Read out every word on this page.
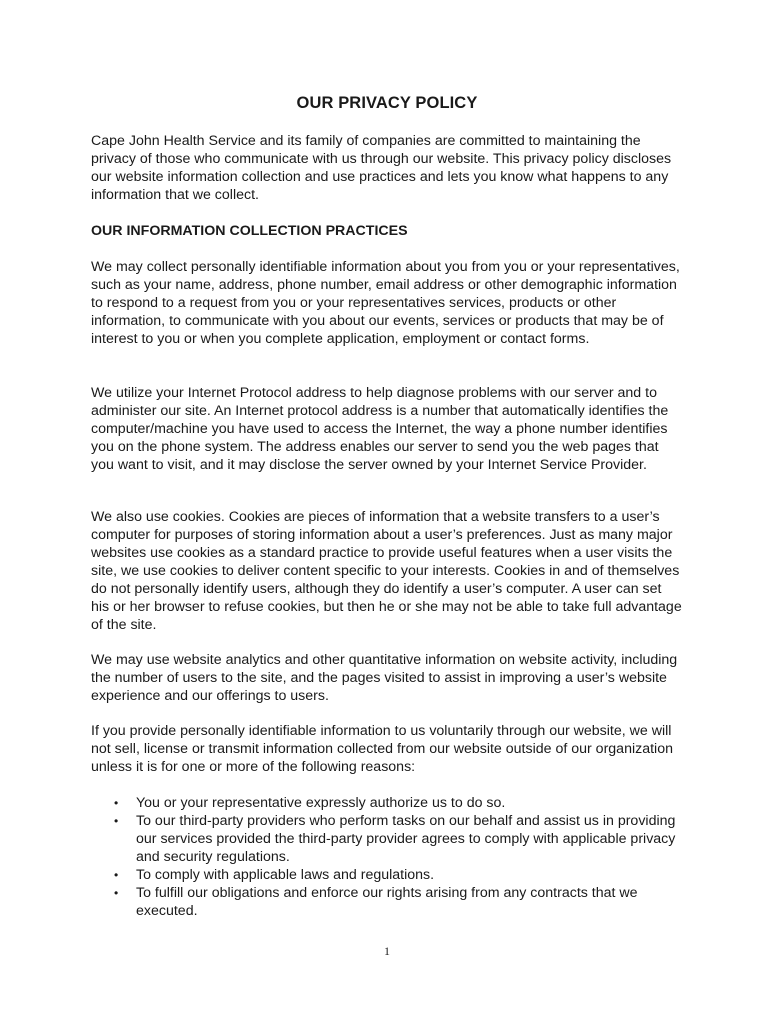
OUR PRIVACY POLICY

Cape John Health Service and its family of companies are committed to maintaining the privacy of those who communicate with us through our website. This privacy policy discloses our website information collection and use practices and lets you know what happens to any information that we collect.

OUR INFORMATION COLLECTION PRACTICES

We may collect personally identifiable information about you from you or your representatives, such as your name, address, phone number, email address or other demographic information to respond to a request from you or your representatives services, products or other information, to communicate with you about our events, services or products that may be of interest to you or when you complete application, employment or contact forms.

We utilize your Internet Protocol address to help diagnose problems with our server and to administer our site. An Internet protocol address is a number that automatically identifies the computer/machine you have used to access the Internet, the way a phone number identifies you on the phone system. The address enables our server to send you the web pages that you want to visit, and it may disclose the server owned by your Internet Service Provider.

We also use cookies. Cookies are pieces of information that a website transfers to a user’s computer for purposes of storing information about a user’s preferences. Just as many major websites use cookies as a standard practice to provide useful features when a user visits the site, we use cookies to deliver content specific to your interests. Cookies in and of themselves do not personally identify users, although they do identify a user’s computer. A user can set his or her browser to refuse cookies, but then he or she may not be able to take full advantage of the site.

We may use website analytics and other quantitative information on website activity, including the number of users to the site, and the pages visited to assist in improving a user’s website experience and our offerings to users.

If you provide personally identifiable information to us voluntarily through our website, we will not sell, license or transmit information collected from our website outside of our organization unless it is for one or more of the following reasons:

• You or your representative expressly authorize us to do so.
• To our third-party providers who perform tasks on our behalf and assist us in providing our services provided the third-party provider agrees to comply with applicable privacy and security regulations.
• To comply with applicable laws and regulations.
• To fulfill our obligations and enforce our rights arising from any contracts that we executed.
1
